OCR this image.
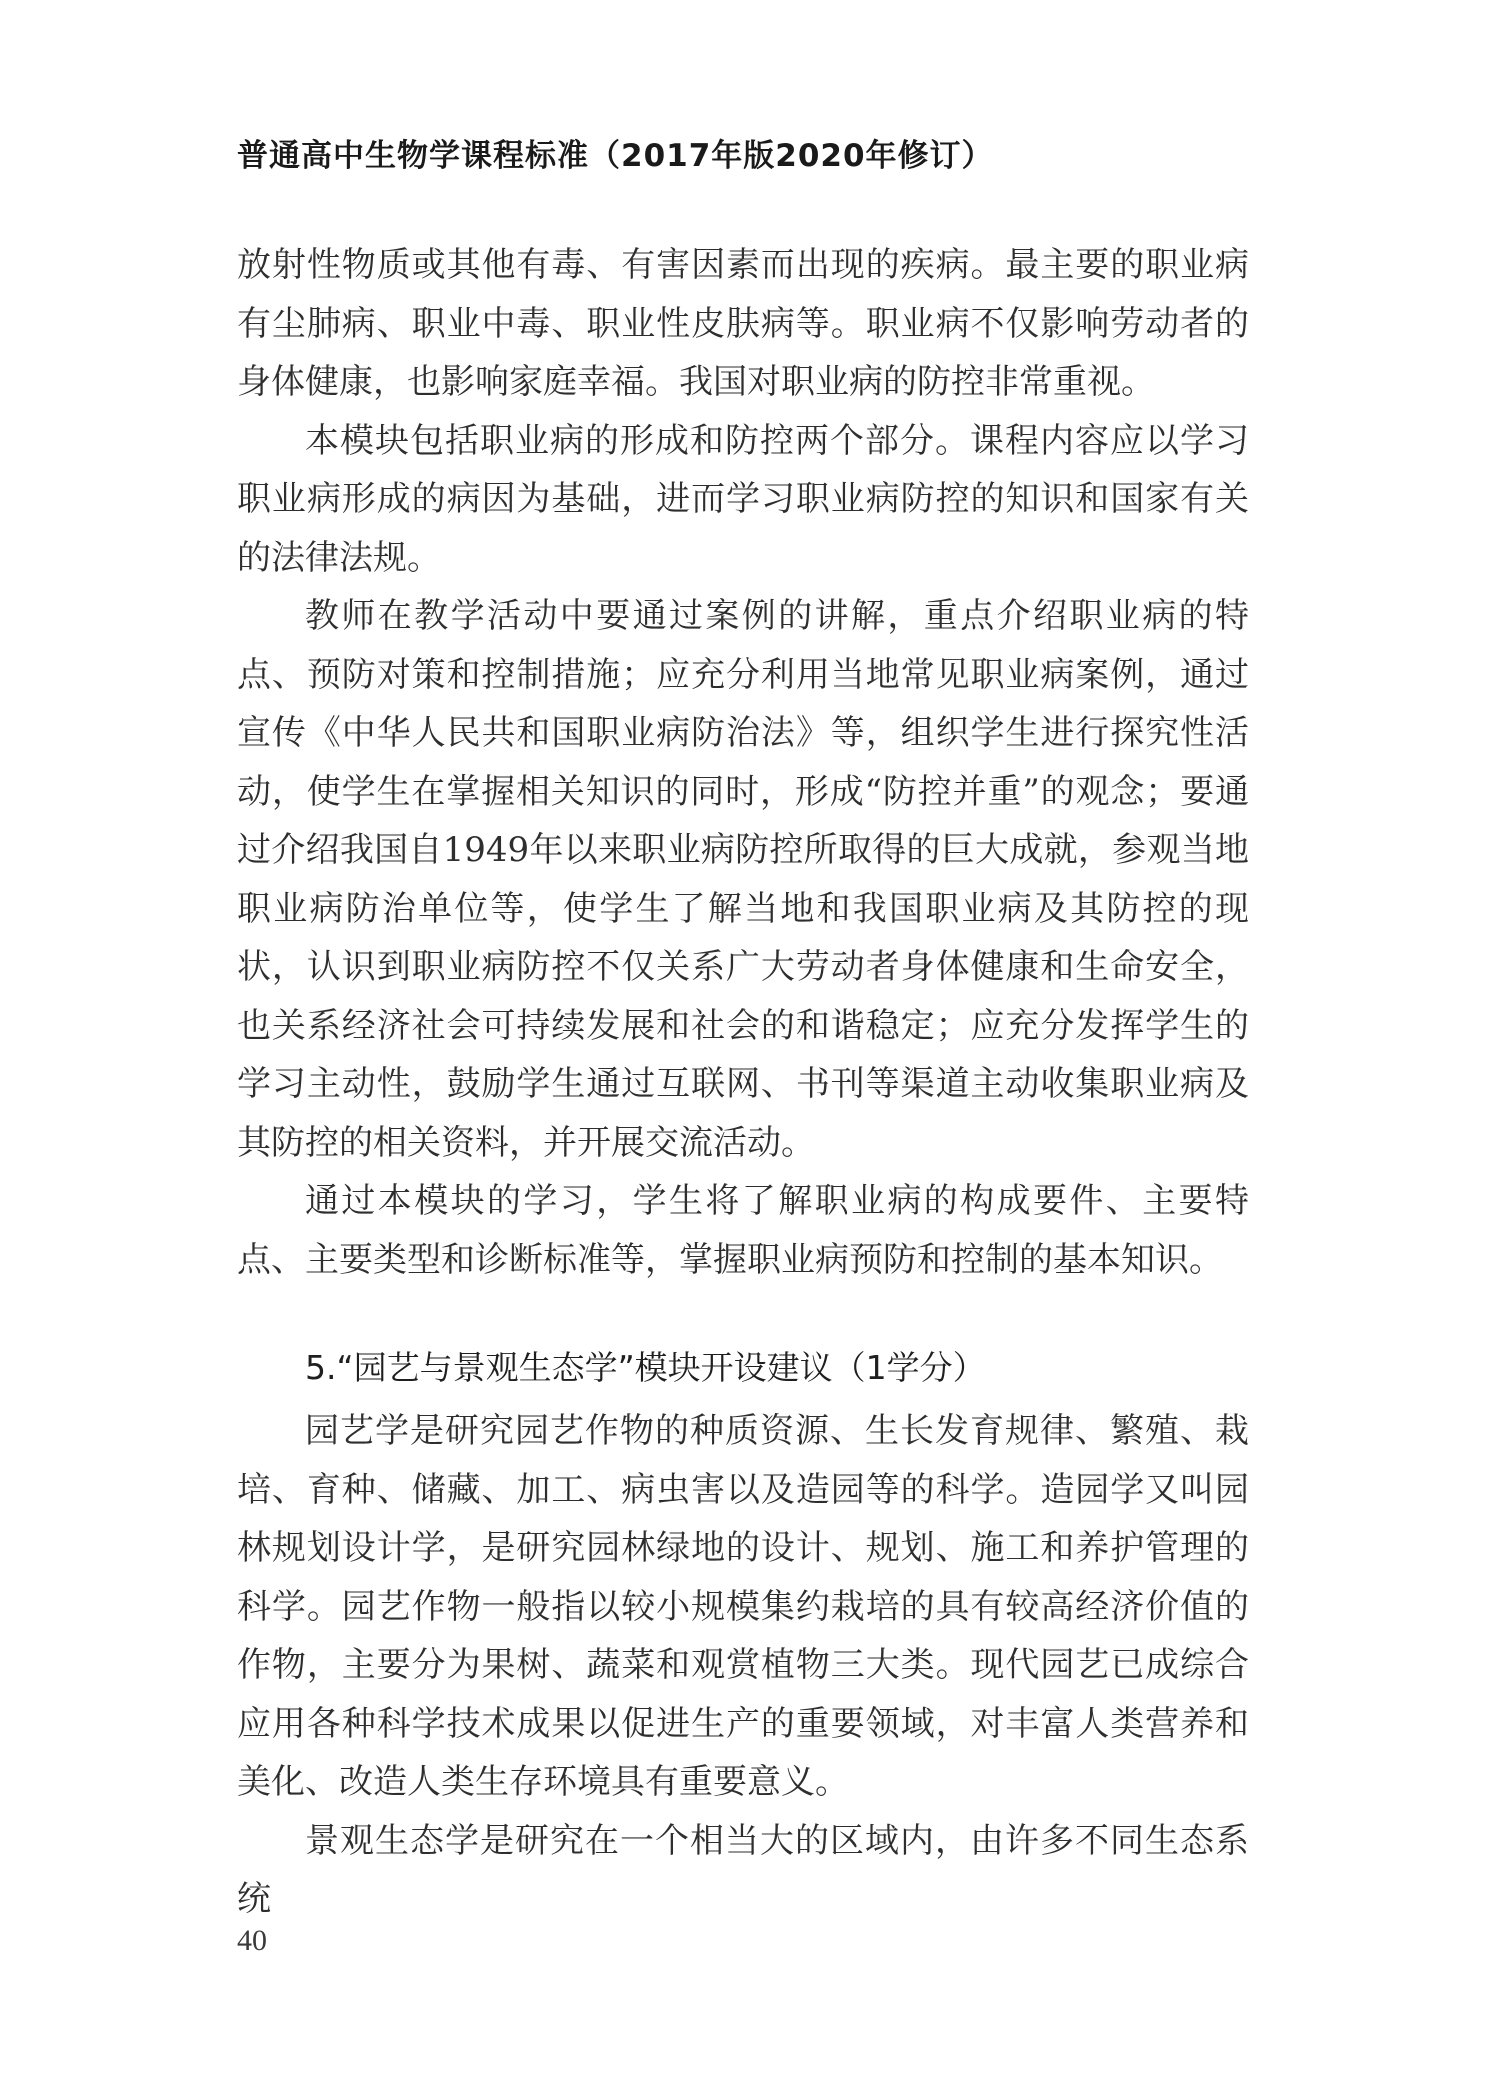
普通高中生物学课程标准（2017年版2020年修订）

放射性物质或其他有毒、有害因素而出现的疾病。最主要的职业病有尘肺病、职业中毒、职业性皮肤病等。职业病不仅影响劳动者的身体健康，也影响家庭幸福。我国对职业病的防控非常重视。

本模块包括职业病的形成和防控两个部分。课程内容应以学习职业病形成的病因为基础，进而学习职业病防控的知识和国家有关的法律法规。

教师在教学活动中要通过案例的讲解，重点介绍职业病的特点、预防对策和控制措施；应充分利用当地常见职业病案例，通过宣传《中华人民共和国职业病防治法》等，组织学生进行探究性活动，使学生在掌握相关知识的同时，形成“防控并重”的观念；要通过介绍我国自1949年以来职业病防控所取得的巨大成就，参观当地职业病防治单位等，使学生了解当地和我国职业病及其防控的现状，认识到职业病防控不仅关系广大劳动者身体健康和生命安全，也关系经济社会可持续发展和社会的和谐稳定；应充分发挥学生的学习主动性，鼓励学生通过互联网、书刊等渠道主动收集职业病及其防控的相关资料，并开展交流活动。

通过本模块的学习，学生将了解职业病的构成要件、主要特点、主要类型和诊断标准等，掌握职业病预防和控制的基本知识。

5.“园艺与景观生态学”模块开设建议（1学分）

园艺学是研究园艺作物的种质资源、生长发育规律、繁殖、栽培、育种、储藏、加工、病虫害以及造园等的科学。造园学又叫园林规划设计学，是研究园林绿地的设计、规划、施工和养护管理的科学。园艺作物一般指以较小规模集约栽培的具有较高经济价值的作物，主要分为果树、蔬菜和观赏植物三大类。现代园艺已成综合应用各种科学技术成果以促进生产的重要领域，对丰富人类营养和美化、改造人类生存环境具有重要意义。

景观生态学是研究在一个相当大的区域内，由许多不同生态系统

40
